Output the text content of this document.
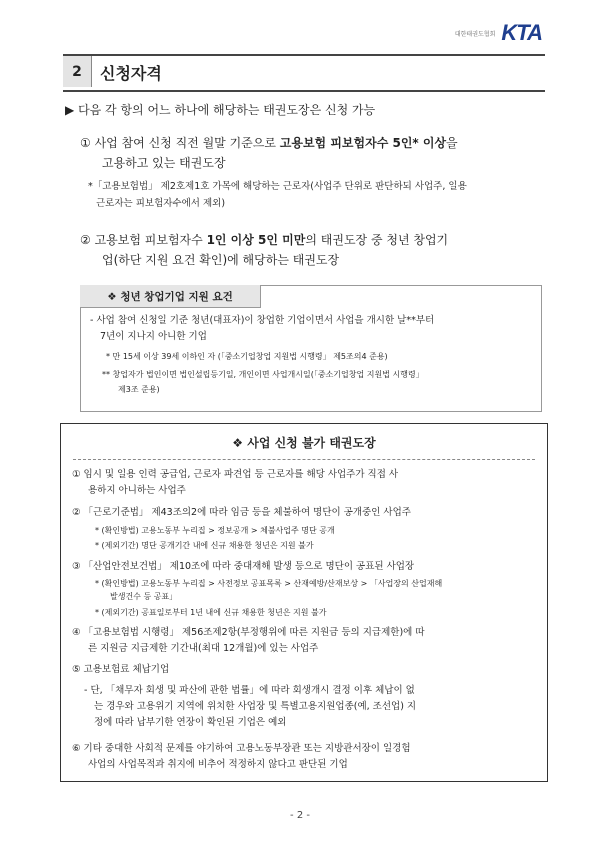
대한태권도협회 KTA
2	신청자격
▶ 다음 각 항의 어느 하나에 해당하는 태권도장은 신청 가능
① 사업 참여 신청 직전 월말 기준으로 고용보험 피보험자수 5인* 이상을
고용하고 있는 태권도장
*「고용보험법」 제2호제1호 가목에 해당하는 근로자(사업주 단위로 판단하되 사업주, 일용
근로자는 피보험자수에서 제외)
② 고용보험 피보험자수 1인 이상 5인 미만의 태권도장 중 청년 창업기
업(하단 지원 요건 확인)에 해당하는 태권도장
❖ 청년 창업기업 지원 요건
- 사업 참여 신청일 기준 청년(대표자)이 창업한 기업이면서 사업을 개시한 날**부터
7년이 지나지 아니한 기업
* 만 15세 이상 39세 이하인 자 (「중소기업창업 지원법 시행령」 제5조의4 준용)
** 창업자가 법인이면 법인설립등기일, 개인이면 사업개시일(「중소기업창업 지원법 시행령」
제3조 준용)
❖ 사업 신청 불가 태권도장
① 임시 및 일용 인력 공급업, 근로자 파견업 등 근로자를 해당 사업주가 직접 사
용하지 아니하는 사업주
② 「근로기준법」 제43조의2에 따라 임금 등을 체불하여 명단이 공개중인 사업주
* (확인방법) 고용노동부 누리집 > 정보공개 > 체불사업주 명단 공개
* (제외기간) 명단 공개기간 내에 신규 채용한 청년은 지원 불가
③ 「산업안전보건법」 제10조에 따라 중대재해 발생 등으로 명단이 공표된 사업장
* (확인방법) 고용노동부 누리집 > 사전정보 공표목록 > 산재예방/산재보상 > 「사업장의 산업재해
발생건수 등 공표」
* (제외기간) 공표일로부터 1년 내에 신규 채용한 청년은 지원 불가
④ 「고용보험법 시행령」 제56조제2항(부정행위에 따른 지원금 등의 지급제한)에 따
른 지원금 지급제한 기간내(최대 12개월)에 있는 사업주
⑤ 고용보험료 체납기업
- 단, 「채무자 회생 및 파산에 관한 법률」에 따라 회생개시 결정 이후 체납이 없
는 경우와 고용위기 지역에 위치한 사업장 및 특별고용지원업종(예, 조선업) 지
정에 따라 납부기한 연장이 확인된 기업은 예외
⑥ 기타 중대한 사회적 문제를 야기하여 고용노동부장관 또는 지방관서장이 일경험
사업의 사업목적과 취지에 비추어 적정하지 않다고 판단된 기업
- 2 -
